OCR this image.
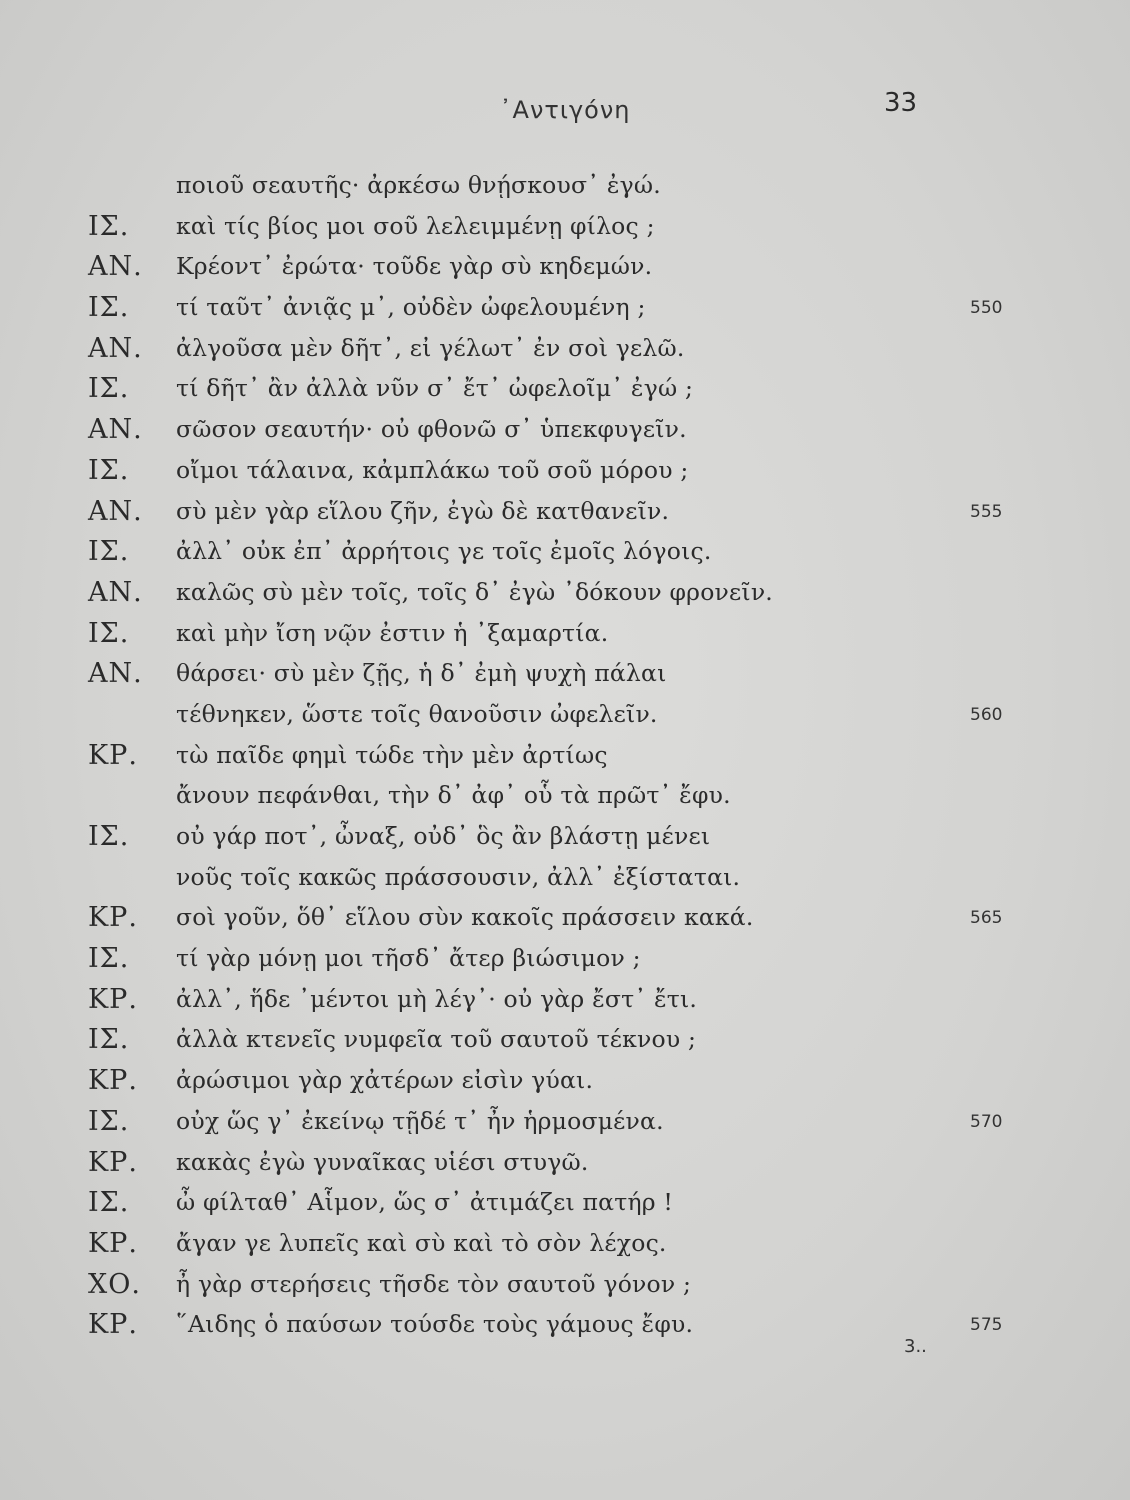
᾿Αντιγόνη	33
ποιοῦ σεαυτῆς· ἀρκέσω θνῄσκουσ᾿ ἐγώ.
ΙΣ. καὶ τίς βίος μοι σοῦ λελειμμένῃ φίλος ;
ΑΝ. Κρέοντ᾿ ἐρώτα· τοῦδε γὰρ σὺ κηδεμών.
ΙΣ. τί ταῦτ᾿ ἀνιᾷς μ᾿, οὐδὲν ὠφελουμένη ;	550
ΑΝ. ἀλγοῦσα μὲν δῆτ᾿, εἰ γέλωτ᾿ ἐν σοὶ γελῶ.
ΙΣ. τί δῆτ᾿ ἂν ἀλλὰ νῦν σ᾿ ἔτ᾿ ὠφελοῖμ᾿ ἐγώ ;
ΑΝ. σῶσον σεαυτήν· οὐ φθονῶ σ᾿ ὑπεκφυγεῖν.
ΙΣ. οἴμοι τάλαινα, κἀμπλάκω τοῦ σοῦ μόρου ;
ΑΝ. σὺ μὲν γὰρ εἵλου ζῆν, ἐγὼ δὲ κατθανεῖν.	555
ΙΣ. ἀλλ᾿ οὐκ ἐπ᾿ ἀρρήτοις γε τοῖς ἐμοῖς λόγοις.
ΑΝ. καλῶς σὺ μὲν τοῖς, τοῖς δ᾿ ἐγὼ ᾿δόκουν φρονεῖν.
ΙΣ. καὶ μὴν ἴση νῷν ἐστιν ἡ ᾿ξαμαρτία.
ΑΝ. θάρσει· σὺ μὲν ζῇς, ἡ δ᾿ ἐμὴ ψυχὴ πάλαι
τέθνηκεν, ὥστε τοῖς θανοῦσιν ὠφελεῖν.	560
ΚΡ. τὼ παῖδε φημὶ τώδε τὴν μὲν ἀρτίως
ἄνουν πεφάνθαι, τὴν δ᾿ ἀφ᾿ οὗ τὰ πρῶτ᾿ ἔφυ.
ΙΣ. οὐ γάρ ποτ᾿, ὦναξ, οὐδ᾿ ὃς ἂν βλάστῃ μένει
νοῦς τοῖς κακῶς πράσσουσιν, ἀλλ᾿ ἐξίσταται.
ΚΡ. σοὶ γοῦν, ὅθ᾿ εἵλου σὺν κακοῖς πράσσειν κακά.	565
ΙΣ. τί γὰρ μόνῃ μοι τῆσδ᾿ ἄτερ βιώσιμον ;
ΚΡ. ἀλλ᾿, ἥδε ᾿μέντοι μὴ λέγ᾿· οὐ γὰρ ἔστ᾿ ἔτι.
ΙΣ. ἀλλὰ κτενεῖς νυμφεῖα τοῦ σαυτοῦ τέκνου ;
ΚΡ. ἀρώσιμοι γὰρ χἀτέρων εἰσὶν γύαι.
ΙΣ. οὐχ ὥς γ᾿ ἐκείνῳ τῇδέ τ᾿ ἦν ἡρμοσμένα.	570
ΚΡ. κακὰς ἐγὼ γυναῖκας υἱέσι στυγῶ.
ΙΣ. ὦ φίλταθ᾿ Αἷμον, ὥς σ᾿ ἀτιμάζει πατήρ !
ΚΡ. ἄγαν γε λυπεῖς καὶ σὺ καὶ τὸ σὸν λέχος.
ΧΟ. ἦ γὰρ στερήσεις τῆσδε τὸν σαυτοῦ γόνον ;
ΚΡ. ῞Αιδης ὁ παύσων τούσδε τοὺς γάμους ἔφυ.	575
3..
